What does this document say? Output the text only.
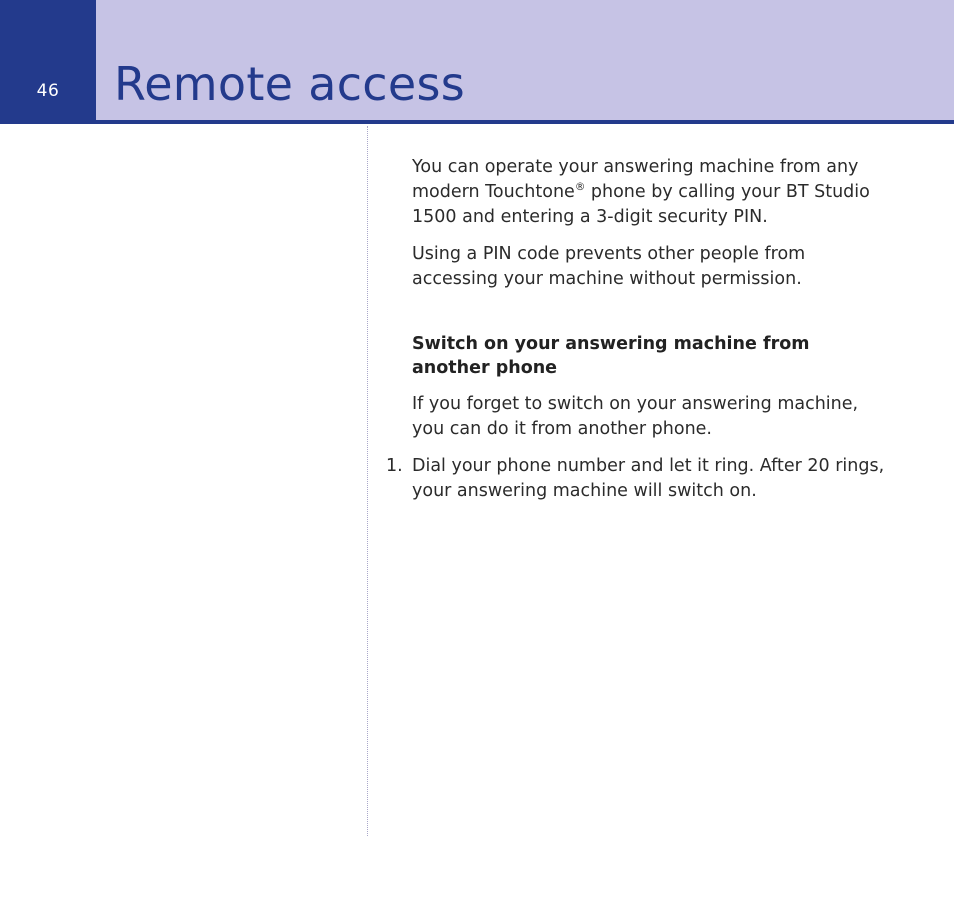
46	Remote access

You can operate your answering machine from any modern Touchtone® phone by calling your BT Studio 1500 and entering a 3-digit security PIN.

Using a PIN code prevents other people from accessing your machine without permission.

Switch on your answering machine from
another phone

If you forget to switch on your answering machine, you can do it from another phone.

1. Dial your phone number and let it ring. After 20 rings, your answering machine will switch on.
